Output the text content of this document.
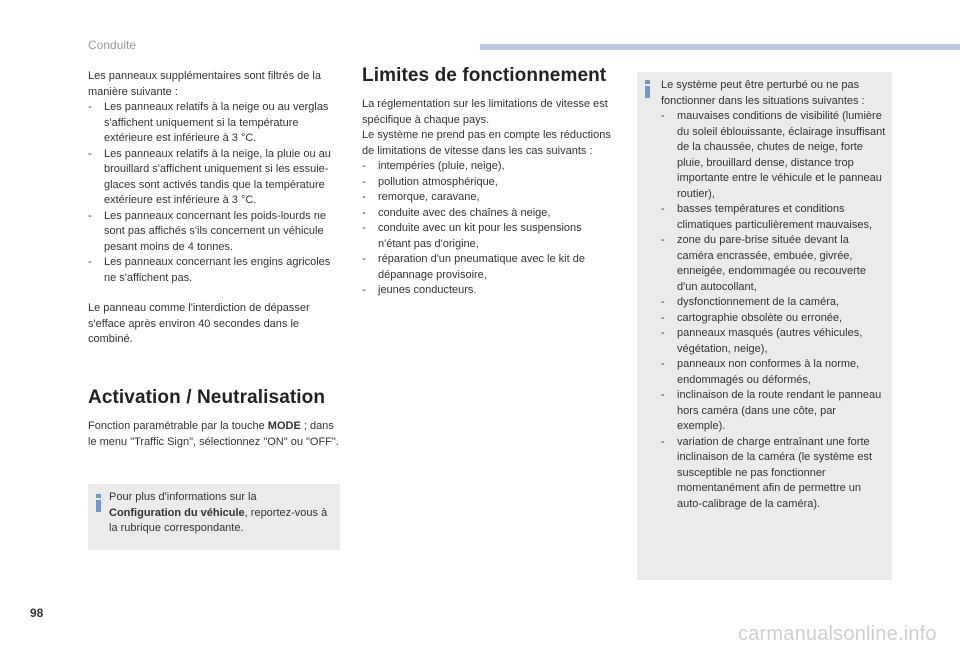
Conduite

Les panneaux supplémentaires sont filtrés de la manière suivante :

- Les panneaux relatifs à la neige ou au verglas s'affichent uniquement si la température extérieure est inférieure à 3 °C.
- Les panneaux relatifs à la neige, la pluie ou au brouillard s'affichent uniquement si les essuie-glaces sont activés tandis que la température extérieure est inférieure à 3 °C.
- Les panneaux concernant les poids-lourds ne sont pas affichés s'ils concernent un véhicule pesant moins de 4 tonnes.
- Les panneaux concernant les engins agricoles ne s'affichent pas.

Le panneau comme l'interdiction de dépasser s'efface après environ 40 secondes dans le combiné.

Activation / Neutralisation
Fonction paramétrable par la touche MODE ; dans le menu "Traffic Sign", sélectionnez "ON" ou "OFF".
Pour plus d'informations sur la Configuration du véhicule, reportez-vous à la rubrique correspondante.
Limites de fonctionnement

La réglementation sur les limitations de vitesse est spécifique à chaque pays.

Le système ne prend pas en compte les réductions de limitations de vitesse dans les cas suivants :

- intempéries (pluie, neige),
- pollution atmosphérique,
- remorque, caravane,
- conduite avec des chaînes à neige,
- conduite avec un kit pour les suspensions n'étant pas d'origine,
- réparation d'un pneumatique avec le kit de dépannage provisoire,
- jeunes conducteurs.

Le système peut être perturbé ou ne pas fonctionner dans les situations suivantes :

- mauvaises conditions de visibilité (lumière du soleil éblouissante, éclairage insuffisant de la chaussée, chutes de neige, forte pluie, brouillard dense, distance trop importante entre le véhicule et le panneau routier),
- basses températures et conditions climatiques particulièrement mauvaises,
- zone du pare-brise située devant la caméra encrassée, embuée, givrée, enneigée, endommagée ou recouverte d'un autocollant,
- dysfonctionnement de la caméra,
- cartographie obsolète ou erronée,
- panneaux masqués (autres véhicules, végétation, neige),
- panneaux non conformes à la norme, endommagés ou déformés,
- inclinaison de la route rendant le panneau hors caméra (dans une côte, par exemple).
- variation de charge entraînant une forte inclinaison de la caméra (le système est susceptible ne pas fonctionner momentanément afin de permettre un auto-calibrage de la caméra).
98
carmanualsonline.info
